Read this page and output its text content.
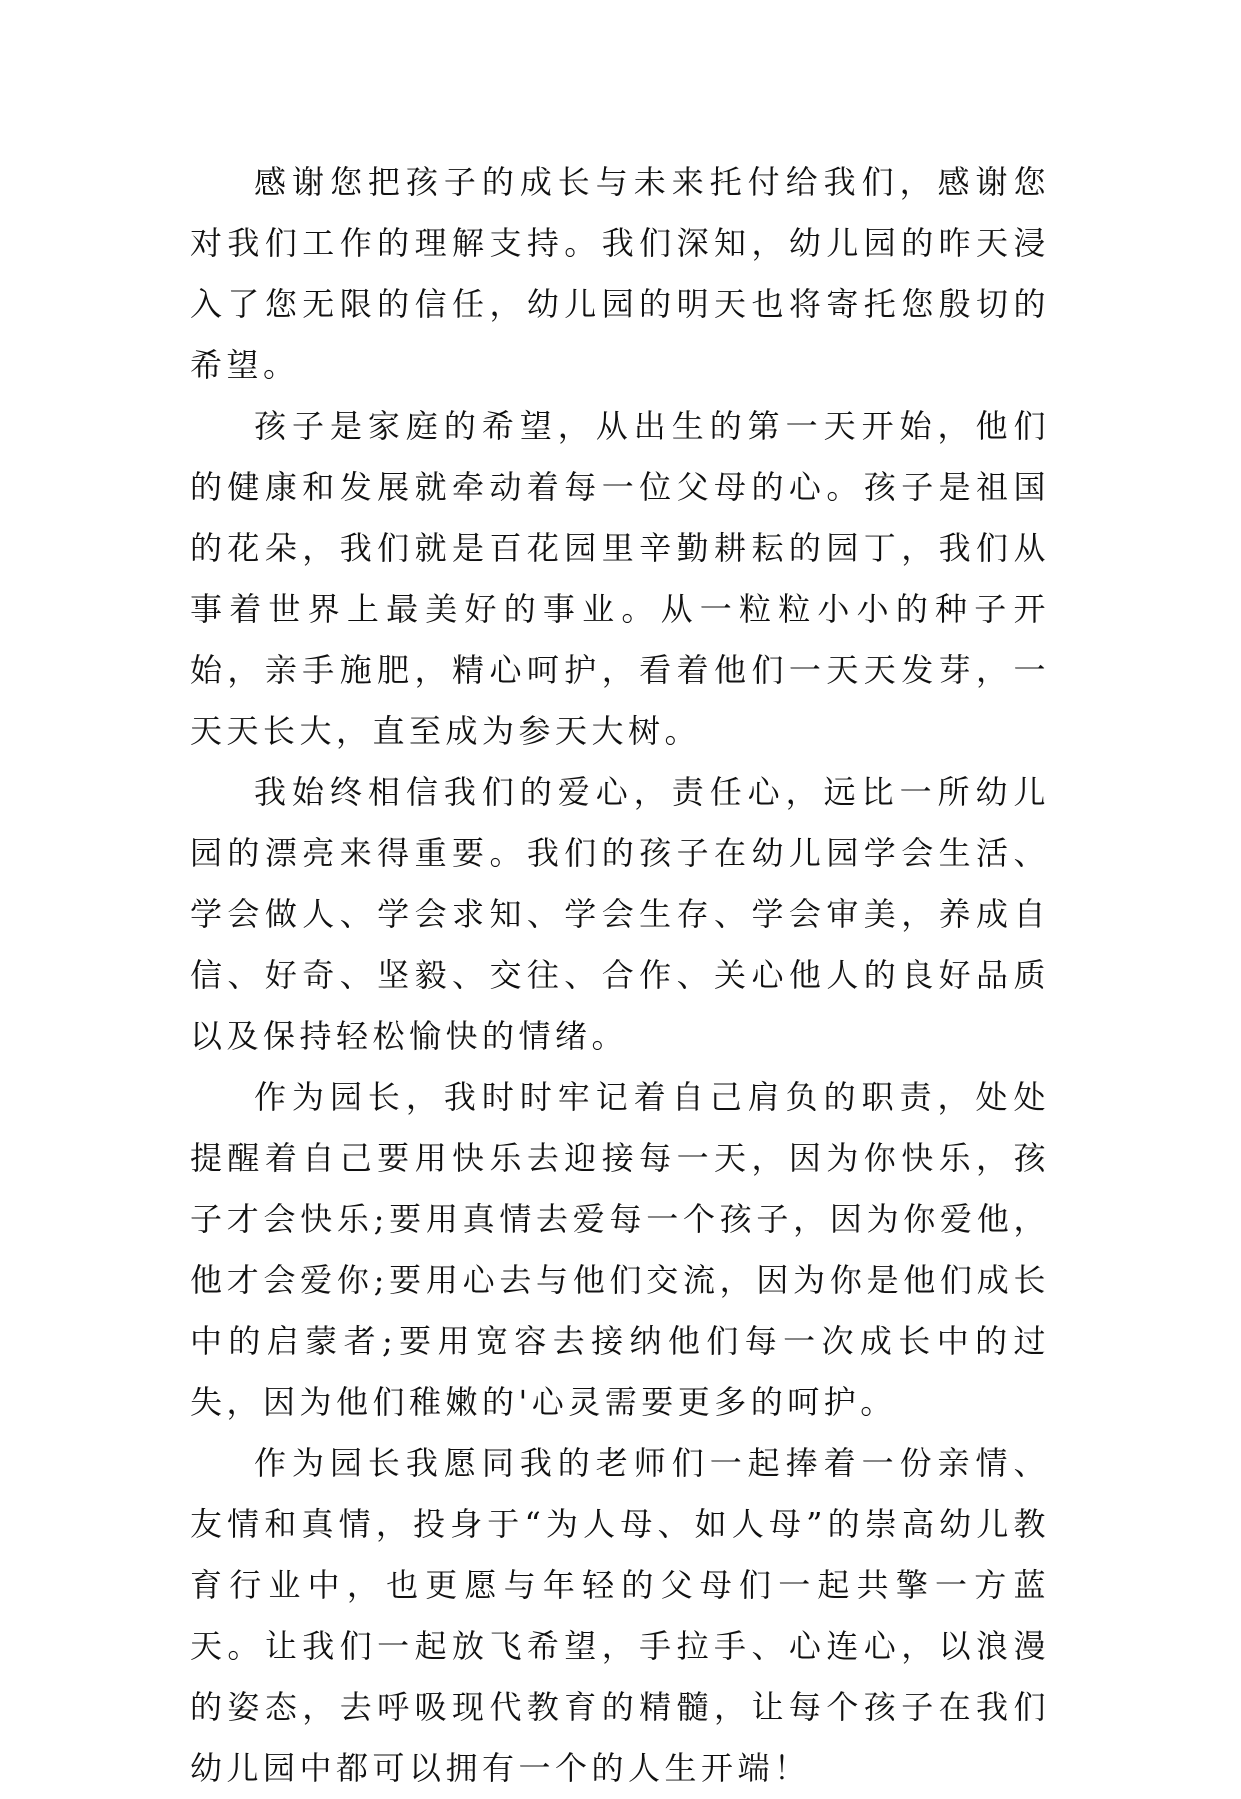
感谢您把孩子的成长与未来托付给我们，感谢您对我们工作的理解支持。我们深知，幼儿园的昨天浸入了您无限的信任，幼儿园的明天也将寄托您殷切的希望。

孩子是家庭的希望，从出生的第一天开始，他们的健康和发展就牵动着每一位父母的心。孩子是祖国的花朵，我们就是百花园里辛勤耕耘的园丁，我们从事着世界上最美好的事业。从一粒粒小小的种子开始，亲手施肥，精心呵护，看着他们一天天发芽，一天天长大，直至成为参天大树。

我始终相信我们的爱心，责任心，远比一所幼儿园的漂亮来得重要。我们的孩子在幼儿园学会生活、学会做人、学会求知、学会生存、学会审美，养成自信、好奇、坚毅、交往、合作、关心他人的良好品质以及保持轻松愉快的情绪。

作为园长，我时时牢记着自己肩负的职责，处处提醒着自己要用快乐去迎接每一天，因为你快乐，孩子才会快乐;要用真情去爱每一个孩子，因为你爱他，他才会爱你;要用心去与他们交流，因为你是他们成长中的启蒙者;要用宽容去接纳他们每一次成长中的过失，因为他们稚嫩的'心灵需要更多的呵护。

作为园长我愿同我的老师们一起捧着一份亲情、友情和真情，投身于“为人母、如人母”的崇高幼儿教育行业中，也更愿与年轻的父母们一起共擎一方蓝天。让我们一起放飞希望，手拉手、心连心，以浪漫的姿态，去呼吸现代教育的精髓，让每个孩子在我们幼儿园中都可以拥有一个的人生开端！
